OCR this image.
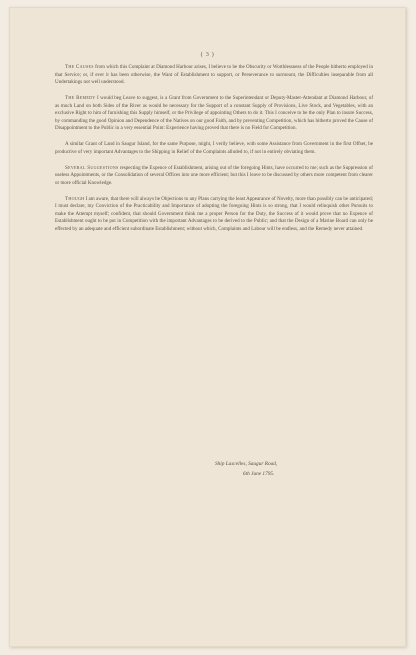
( 3 )

The Causes from which this Complaint at Diamond Harbour arises, I believe to be the Obscurity or Worthlessness of the People hitherto employed in that Service; or, if ever it has been otherwise, the Want of Establishment to support, or Perseverance to surmount, the Difficulties inseparable from all Undertakings not well understood.

The Remedy I would beg Leave to suggest, is a Grant from Government to the Superintendant or Deputy-Master-Attendant at Diamond Harbour, of as much Land on both Sides of the River as would be necessary for the Support of a constant Supply of Provisions, Live Stock, and Vegetables, with an exclusive Right to him of furnishing this Supply himself, or the Privilege of appointing Others to do it. This I conceive to be the only Plan to insure Success, by commanding the good Opinion and Dependence of the Natives on our good Faith, and by preventing Competition, which has hitherto proved the Cause of Disappointment to the Public in a very essential Point: Experience having proved that there is no Field for Competition.

A similar Grant of Land in Saugur Island, for the same Purpose, might, I verily believe, with some Assistance from Government in the first Offset, be productive of very important Advantages to the Shipping in Relief of the Complaints alluded to, if not in entirely obviating them.

Several Suggestions respecting the Expence of Establishment, arising out of the foregoing Hints, have occurred to me; such as the Suppression of useless Appointments, or the Consolidation of several Offices into one more efficient; but this I leave to be discussed by others more competent from clearer or more official Knowledge.

Though I am aware, that there will always be Objections to any Plans carrying the least Appearance of Novelty, more than possibly can be anticipated; I must declare, my Conviction of the Practicability and Importance of adopting the foregoing Hints is so strong, that I would relinquish other Pursuits to make the Attempt myself; confident, that should Government think me a proper Person for the Duty, the Success of it would prove that no Expence of Establishment ought to be put in Competition with the important Advantages to be derived to the Public; and that the Design of a Marine Board can only be effected by an adequate and efficient subordinate Establishment; without which, Complaints and Labour will be endless, and the Remedy never attained.

Ship Lascelles, Saugur Road,
6th June 1795.
